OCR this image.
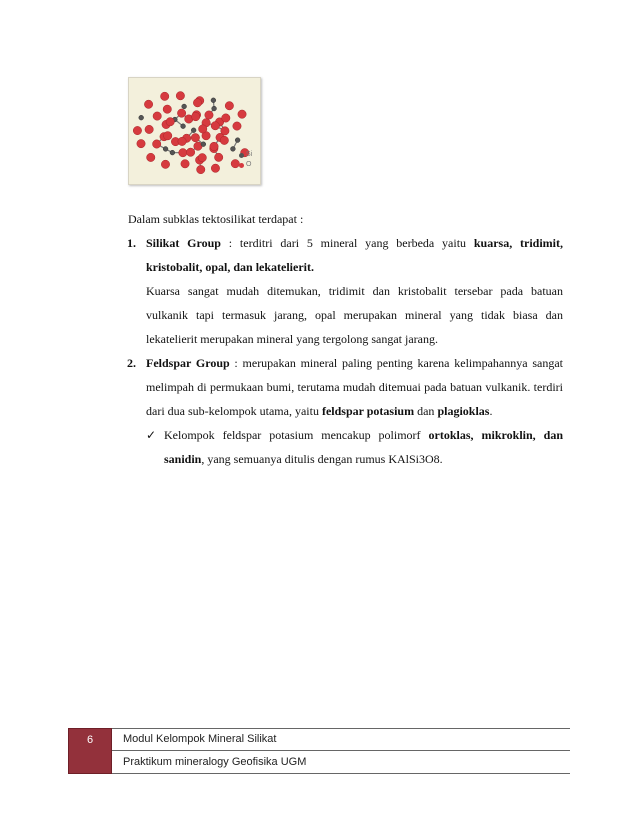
Si
O

Dalam subklas tektosilikat terdapat :

1. Silikat Group : terditri dari 5 mineral yang berbeda yaitu kuarsa, tridimit, kristobalit, opal, dan lekatelierit.

Kuarsa sangat mudah ditemukan, tridimit dan kristobalit tersebar pada batuan vulkanik tapi termasuk jarang, opal merupakan mineral yang tidak biasa dan lekatelierit merupakan mineral yang tergolong sangat jarang.

2. Feldspar Group : merupakan mineral paling penting karena kelimpahannya sangat melimpah di permukaan bumi, terutama mudah ditemuai pada batuan vulkanik. terdiri dari dua sub-kelompok utama, yaitu feldspar potasium dan plagioklas.

✓ Kelompok feldspar potasium mencakup polimorf ortoklas, mikroklin, dan sanidin, yang semuanya ditulis dengan rumus KAlSi3O8.

6	Modul Kelompok Mineral Silikat
Praktikum mineralogy Geofisika UGM
